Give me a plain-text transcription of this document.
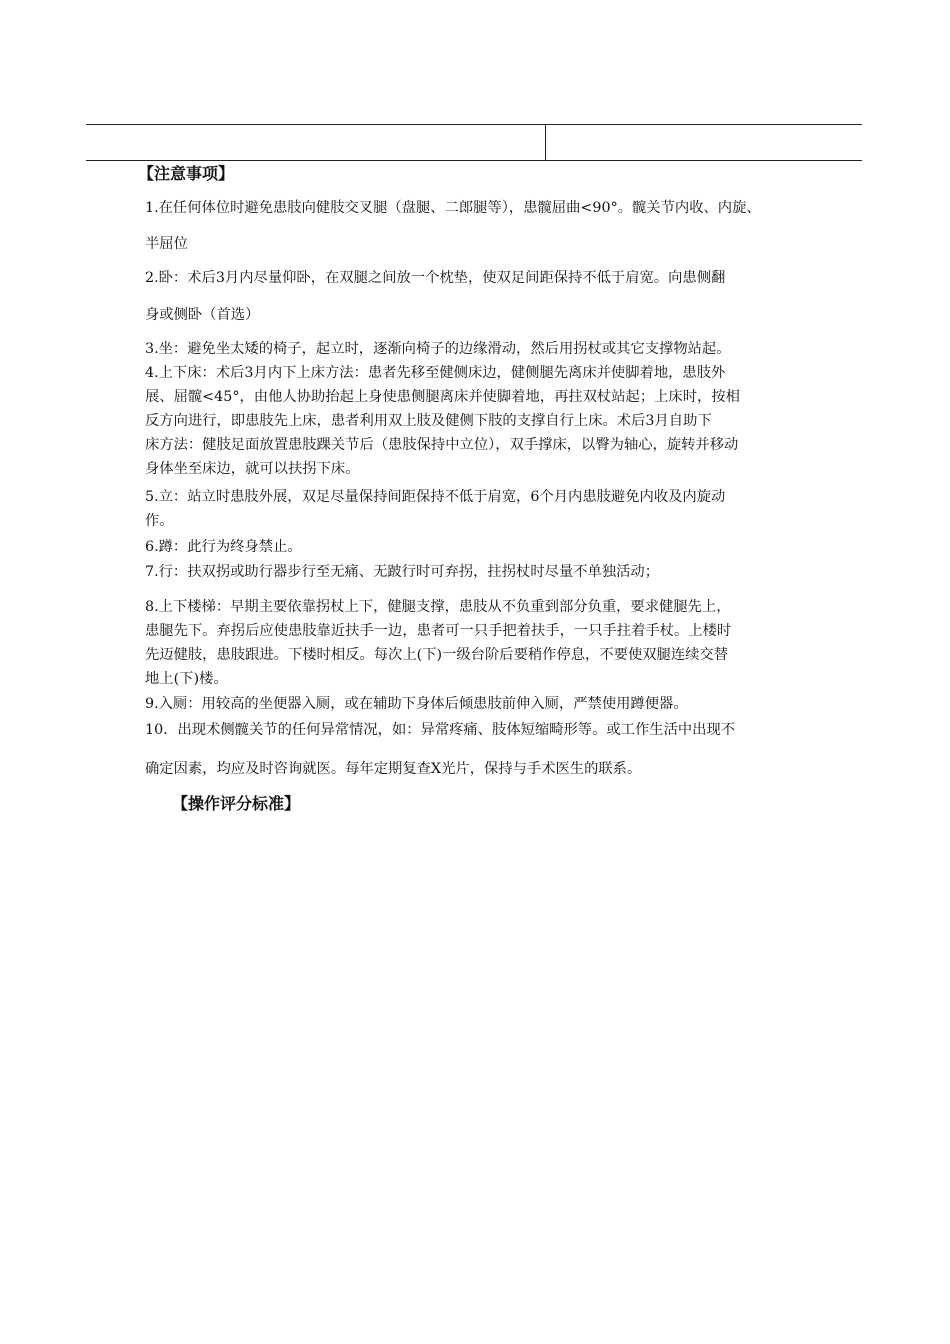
【注意事项】
1.在任何体位时避免患肢向健肢交叉腿（盘腿、二郎腿等），患髋屈曲<90°。髋关节内收、内旋、
半屈位
2.卧：术后3月内尽量仰卧，在双腿之间放一个枕垫，使双足间距保持不低于肩宽。向患侧翻
身或侧卧（首选）
3.坐：避免坐太矮的椅子，起立时，逐渐向椅子的边缘滑动，然后用拐杖或其它支撑物站起。
4.上下床：术后3月内下上床方法：患者先移至健侧床边，健侧腿先离床并使脚着地，患肢外
展、屈髋<45°，由他人协助抬起上身使患侧腿离床并使脚着地，再拄双杖站起；上床时，按相
反方向进行，即患肢先上床，患者利用双上肢及健侧下肢的支撑自行上床。术后3月自助下
床方法：健肢足面放置患肢踝关节后（患肢保持中立位），双手撑床，以臀为轴心，旋转并移动
身体坐至床边，就可以扶拐下床。
5.立：站立时患肢外展，双足尽量保持间距保持不低于肩宽，6个月内患肢避免内收及内旋动
作。
6.蹲：此行为终身禁止。
7.行：扶双拐或助行器步行至无痛、无跛行时可弃拐，拄拐杖时尽量不单独活动；
8.上下楼梯：早期主要依靠拐杖上下，健腿支撑，患肢从不负重到部分负重，要求健腿先上，
患腿先下。弃拐后应使患肢靠近扶手一边，患者可一只手把着扶手，一只手拄着手杖。上楼时
先迈健肢，患肢跟进。下楼时相反。每次上(下)一级台阶后要稍作停息，不要使双腿连续交替
地上(下)楼。
9.入厕：用较高的坐便器入厕，或在辅助下身体后倾患肢前伸入厕，严禁使用蹲便器。
10．出现术侧髋关节的任何异常情况，如：异常疼痛、肢体短缩畸形等。或工作生活中出现不
确定因素，均应及时咨询就医。每年定期复查X光片，保持与手术医生的联系。
【操作评分标准】
